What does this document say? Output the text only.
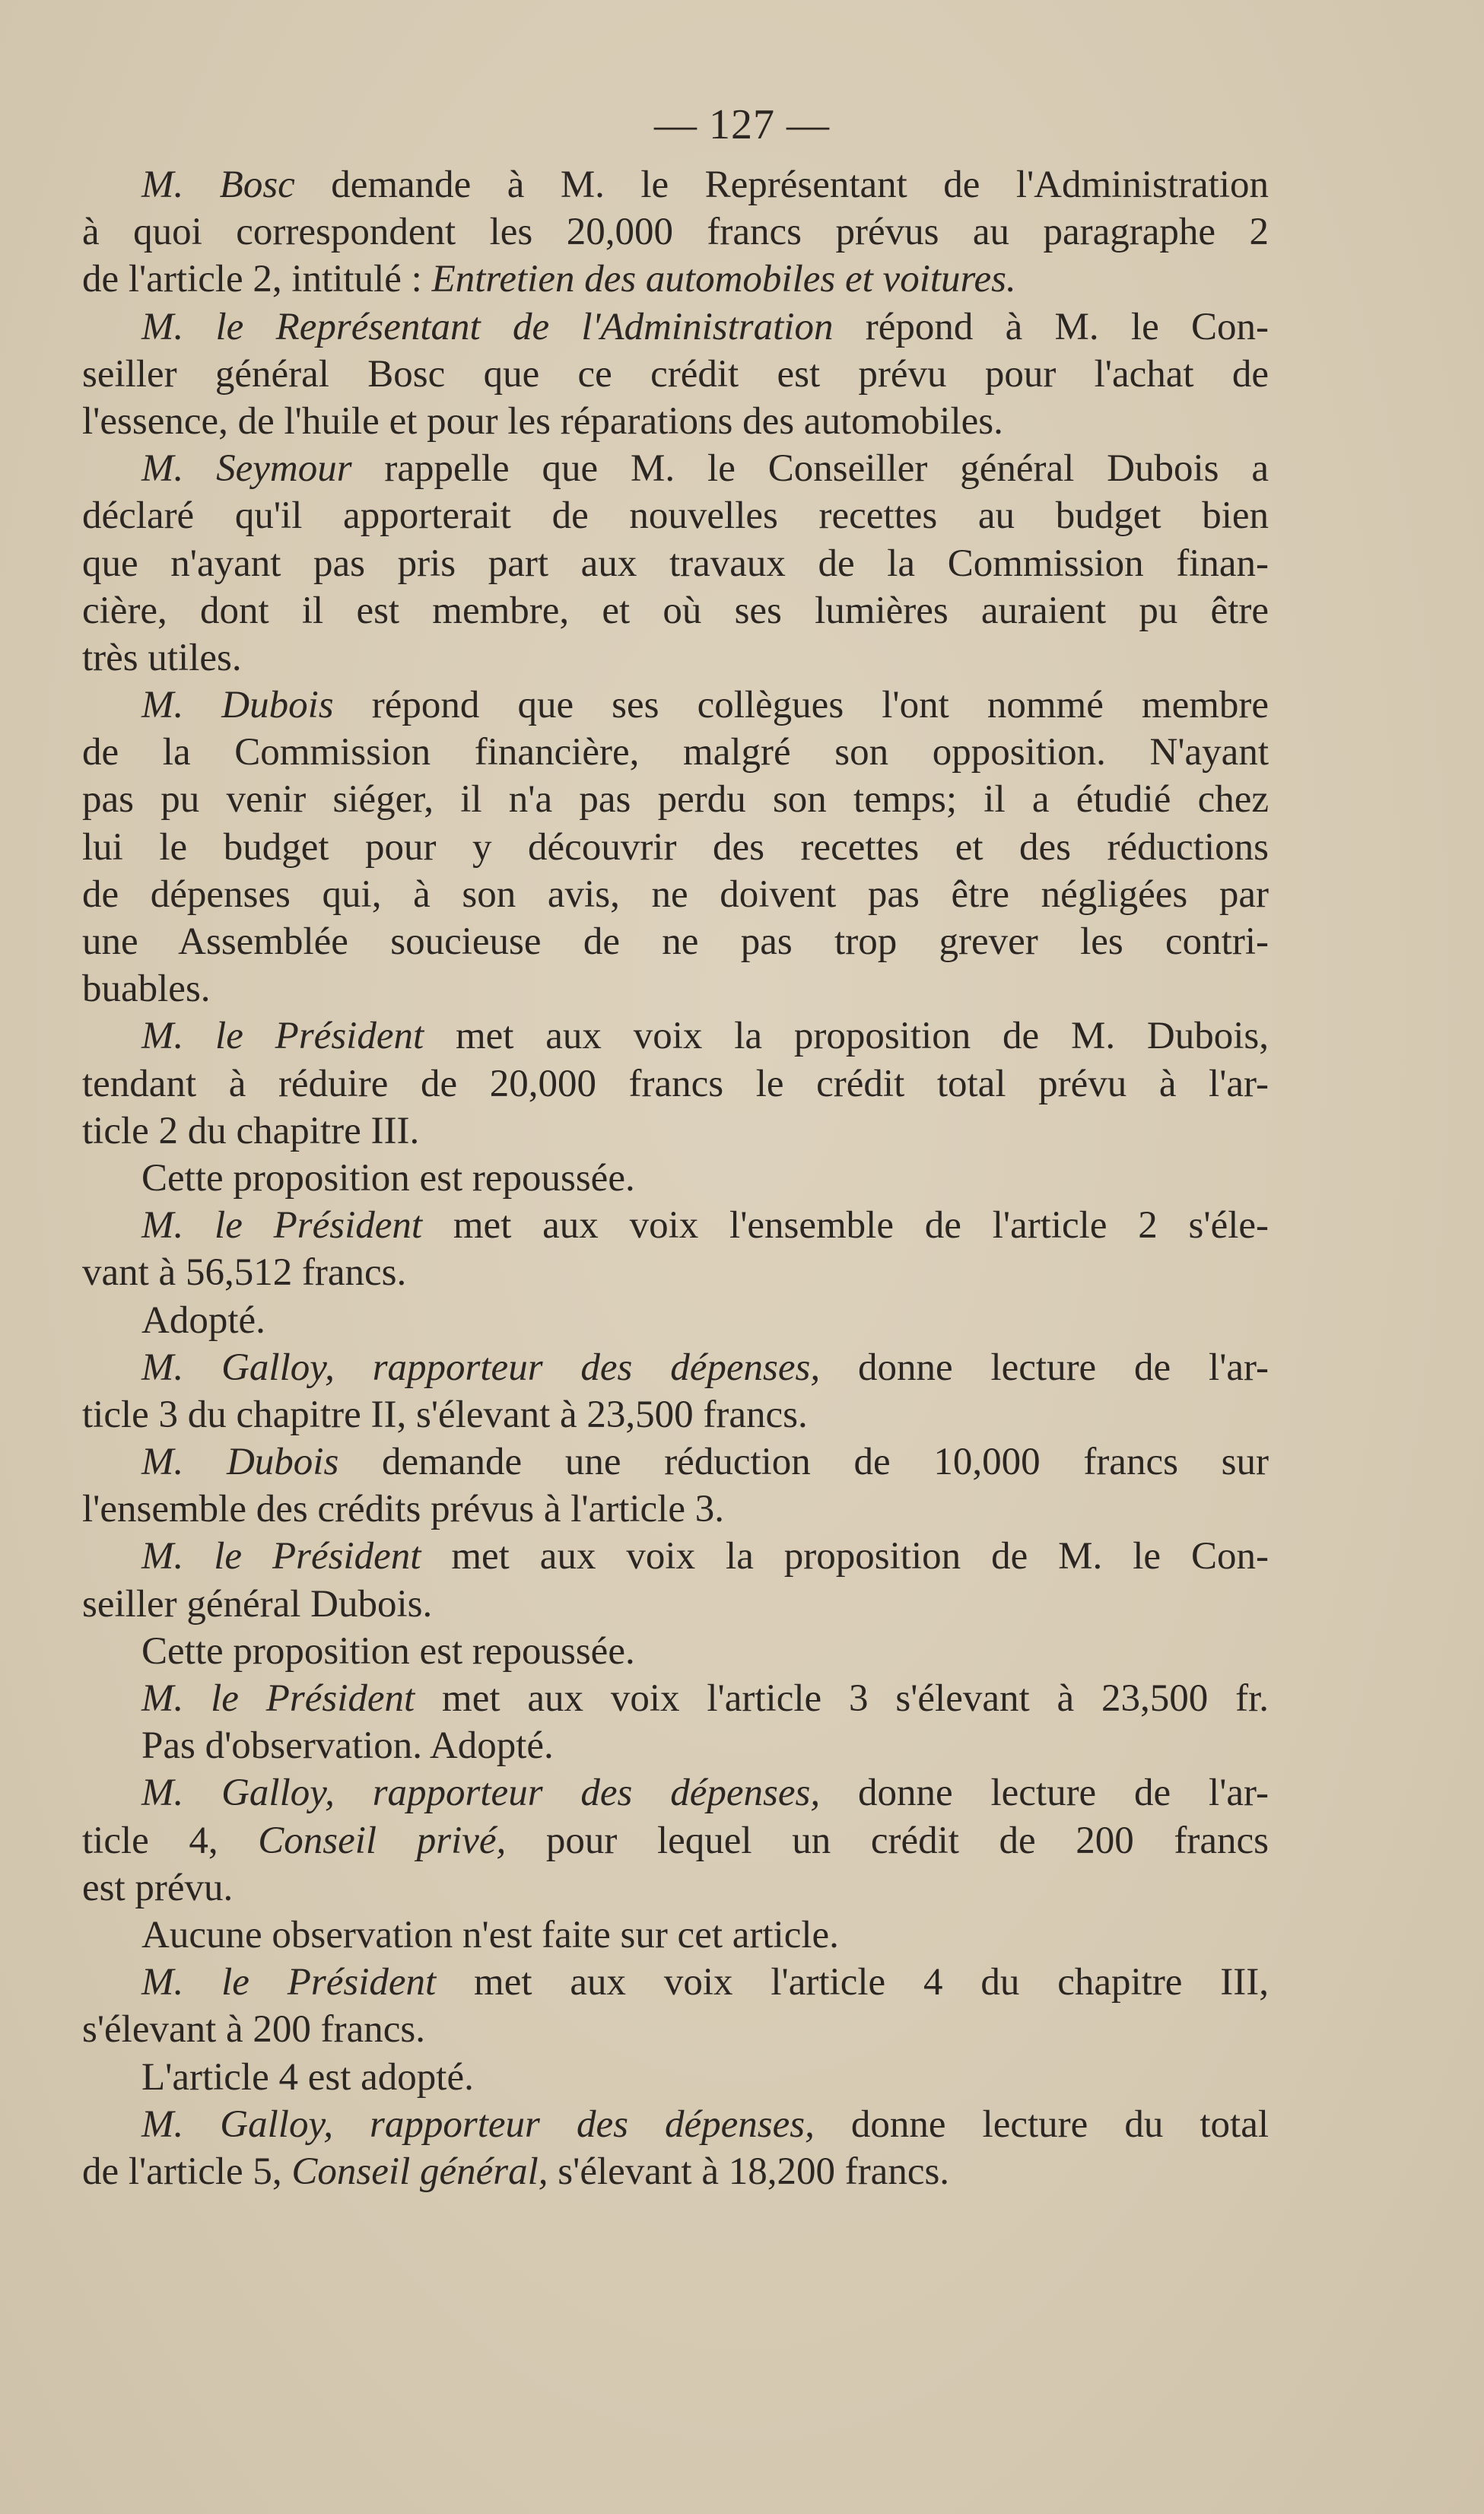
— 127 —
M. Bosc demande à M. le Représentant de l'Administration
à quoi correspondent les 20,000 francs prévus au paragraphe 2
de l'article 2, intitulé : Entretien des automobiles et voitures.
M. le Représentant de l'Administration répond à M. le Con-
seiller général Bosc que ce crédit est prévu pour l'achat de
l'essence, de l'huile et pour les réparations des automobiles.
M. Seymour rappelle que M. le Conseiller général Dubois a
déclaré qu'il apporterait de nouvelles recettes au budget bien
que n'ayant pas pris part aux travaux de la Commission finan-
cière, dont il est membre, et où ses lumières auraient pu être
très utiles.
M. Dubois répond que ses collègues l'ont nommé membre
de la Commission financière, malgré son opposition. N'ayant
pas pu venir siéger, il n'a pas perdu son temps; il a étudié chez
lui le budget pour y découvrir des recettes et des réductions
de dépenses qui, à son avis, ne doivent pas être négligées par
une Assemblée soucieuse de ne pas trop grever les contri-
buables.
M. le Président met aux voix la proposition de M. Dubois,
tendant à réduire de 20,000 francs le crédit total prévu à l'ar-
ticle 2 du chapitre III.
Cette proposition est repoussée.
M. le Président met aux voix l'ensemble de l'article 2 s'éle-
vant à 56,512 francs.
Adopté.
M. Galloy, rapporteur des dépenses, donne lecture de l'ar-
ticle 3 du chapitre II, s'élevant à 23,500 francs.
M. Dubois demande une réduction de 10,000 francs sur
l'ensemble des crédits prévus à l'article 3.
M. le Président met aux voix la proposition de M. le Con-
seiller général Dubois.
Cette proposition est repoussée.
M. le Président met aux voix l'article 3 s'élevant à 23,500 fr.
Pas d'observation. Adopté.
M. Galloy, rapporteur des dépenses, donne lecture de l'ar-
ticle 4, Conseil privé, pour lequel un crédit de 200 francs
est prévu.
Aucune observation n'est faite sur cet article.
M. le Président met aux voix l'article 4 du chapitre III,
s'élevant à 200 francs.
L'article 4 est adopté.
M. Galloy, rapporteur des dépenses, donne lecture du total
de l'article 5, Conseil général, s'élevant à 18,200 francs.
